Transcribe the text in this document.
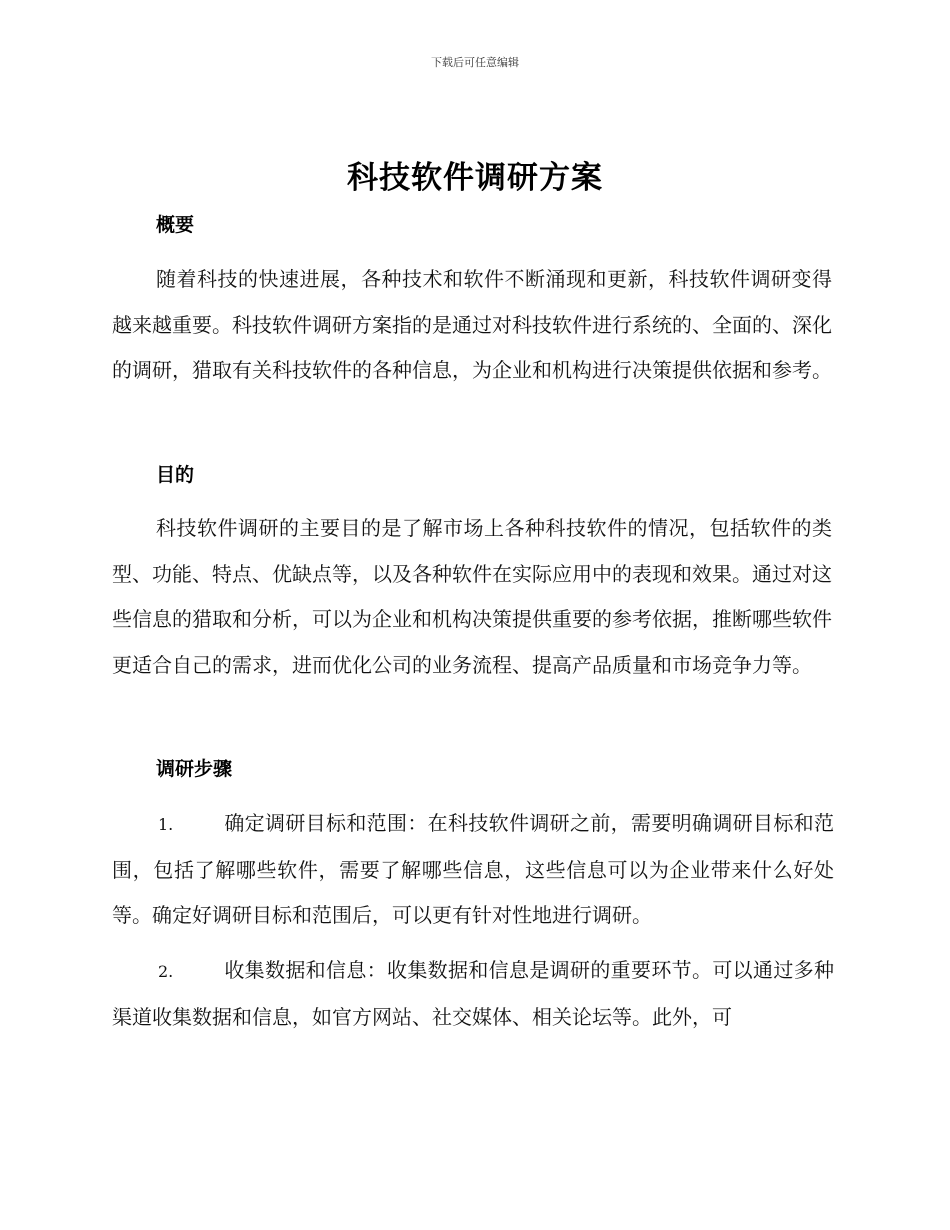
下载后可任意编辑
科技软件调研方案
概要
随着科技的快速进展，各种技术和软件不断涌现和更新，科技软件调研变得越来越重要。科技软件调研方案指的是通过对科技软件进行系统的、全面的、深化的调研，猎取有关科技软件的各种信息，为企业和机构进行决策提供依据和参考。
目的
科技软件调研的主要目的是了解市场上各种科技软件的情况，包括软件的类型、功能、特点、优缺点等，以及各种软件在实际应用中的表现和效果。通过对这些信息的猎取和分析，可以为企业和机构决策提供重要的参考依据，推断哪些软件更适合自己的需求，进而优化公司的业务流程、提高产品质量和市场竞争力等。
调研步骤
1.	确定调研目标和范围：在科技软件调研之前，需要明确调研目标和范围，包括了解哪些软件，需要了解哪些信息，这些信息可以为企业带来什么好处等。确定好调研目标和范围后，可以更有针对性地进行调研。
2.	收集数据和信息：收集数据和信息是调研的重要环节。可以通过多种渠道收集数据和信息，如官方网站、社交媒体、相关论坛等。此外，可
